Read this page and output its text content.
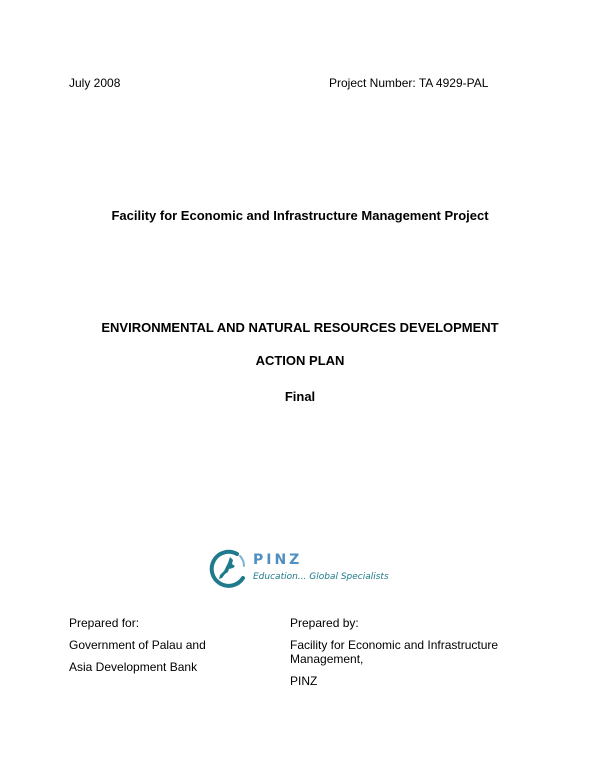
July 2008	Project Number: TA 4929-PAL
Facility for Economic and Infrastructure Management Project
ENVIRONMENTAL AND NATURAL RESOURCES DEVELOPMENT
ACTION PLAN
Final
PINZ
Education... Global Specialists
Prepared for:
Government of Palau and
Asia Development Bank
Prepared by:
Facility for Economic and Infrastructure
Management,
PINZ
